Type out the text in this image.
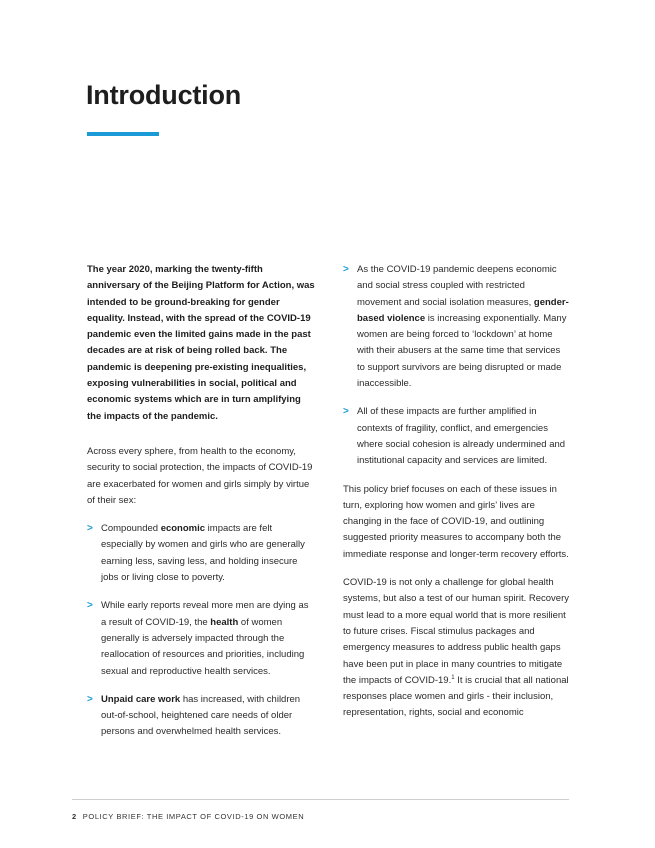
Introduction

The year 2020, marking the twenty-fifth anniversary of the Beijing Platform for Action, was intended to be ground-breaking for gender equality. Instead, with the spread of the COVID-19 pandemic even the limited gains made in the past decades are at risk of being rolled back. The pandemic is deepening pre-existing inequalities, exposing vulnerabilities in social, political and economic systems which are in turn amplifying the impacts of the pandemic.

Across every sphere, from health to the economy, security to social protection, the impacts of COVID-19 are exacerbated for women and girls simply by virtue of their sex:

> Compounded economic impacts are felt especially by women and girls who are generally earning less, saving less, and holding insecure jobs or living close to poverty.

> While early reports reveal more men are dying as a result of COVID-19, the health of women generally is adversely impacted through the reallocation of resources and priorities, including sexual and reproductive health services.

> Unpaid care work has increased, with children out-of-school, heightened care needs of older persons and overwhelmed health services.

> As the COVID-19 pandemic deepens economic and social stress coupled with restricted movement and social isolation measures, gender-based violence is increasing exponentially. Many women are being forced to ‘lockdown’ at home with their abusers at the same time that services to support survivors are being disrupted or made inaccessible.

> All of these impacts are further amplified in contexts of fragility, conflict, and emergencies where social cohesion is already undermined and institutional capacity and services are limited.

This policy brief focuses on each of these issues in turn, exploring how women and girls’ lives are changing in the face of COVID-19, and outlining suggested priority measures to accompany both the immediate response and longer-term recovery efforts.

COVID-19 is not only a challenge for global health systems, but also a test of our human spirit. Recovery must lead to a more equal world that is more resilient to future crises. Fiscal stimulus packages and emergency measures to address public health gaps have been put in place in many countries to mitigate the impacts of COVID-19.$^1$ It is crucial that all national responses place women and girls - their inclusion, representation, rights, social and economic

2 POLICY BRIEF: THE IMPACT OF COVID-19 ON WOMEN
